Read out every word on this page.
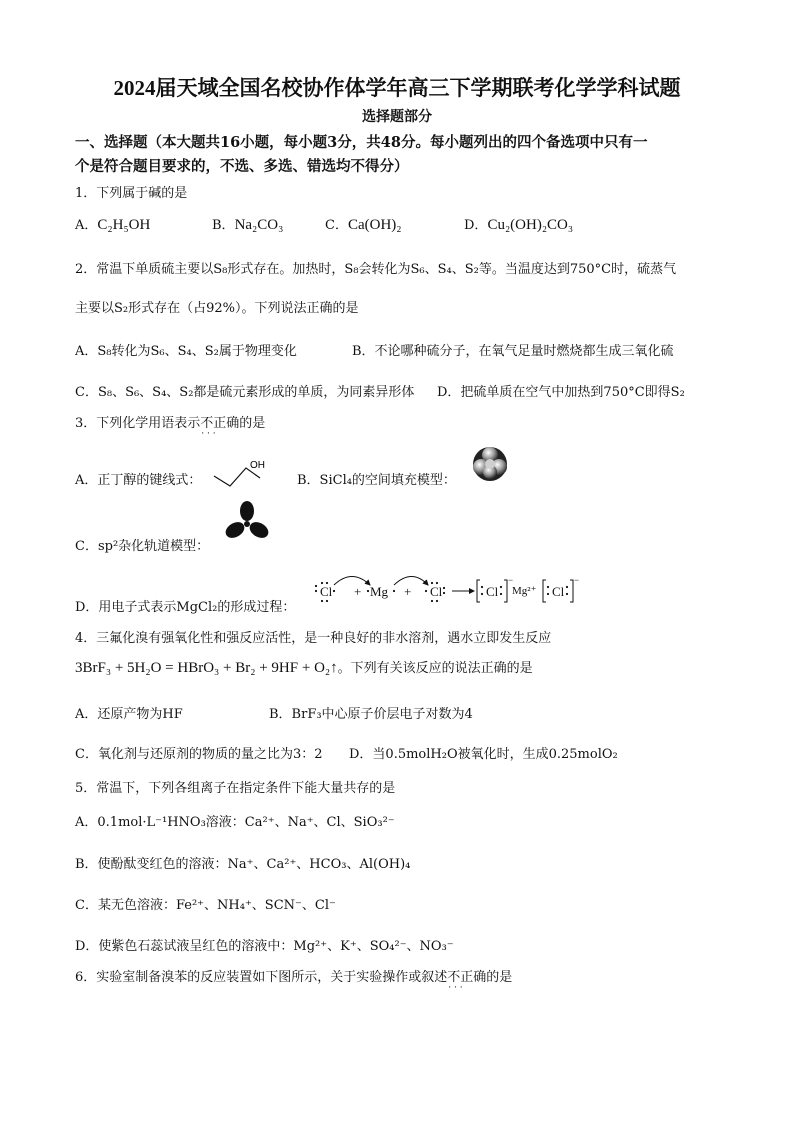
2024届天域全国名校协作体学年高三下学期联考化学学科试题
选择题部分
一、选择题（本大题共16小题，每小题3分，共48分。每小题列出的四个备选项中只有一
个是符合题目要求的，不选、多选、错选均不得分）
1．下列属于碱的是
A．C₂H₅OH	B．Na₂CO₃	C．Ca(OH)₂	D．Cu₂(OH)₂CO₃
2．常温下单质硫主要以S₈形式存在。加热时，S₈会转化为S₆、S₄、S₂等。当温度达到750°C时，硫蒸气
主要以S₂形式存在（占92%）。下列说法正确的是
A．S₈转化为S₆、S₄、S₂属于物理变化	B．不论哪种硫分子，在氧气足量时燃烧都生成三氧化硫
C．S₈、S₆、S₄、S₂都是硫元素形成的单质，为同素异形体 D．把硫单质在空气中加热到750°C即得S₂
3．下列化学用语表示不正确 · · ·的是
A．正丁醇的键线式：
OH
B．SiCl₄的空间填充模型：
C．sp²杂化轨道模型：
D．用电子式表示MgCl₂的形成过程：
Cl + Mg + Cl	Cl Mg²⁺ Cl
−	−
4．三氟化溴有强氧化性和强反应活性，是一种良好的非水溶剂，遇水立即发生反应
3BrF₃ + 5H₂O = HBrO₃ + Br₂ + 9HF + O₂↑。下列有关该反应的说法正确的是
A．还原产物为HF	B．BrF₃中心原子价层电子对数为4
C．氧化剂与还原剂的物质的量之比为3：2 D．当0.5molH₂O被氧化时，生成0.25molO₂
5．常温下，下列各组离子在指定条件下能大量共存的是
A．0.1mol·L⁻¹HNO₃溶液：Ca²⁺、Na⁺、Cl、SiO₃²⁻
B．使酚酞变红色的溶液：Na⁺、Ca²⁺、HCO₃、Al(OH)₄
C．某无色溶液：Fe²⁺、NH₄⁺、SCN⁻、Cl⁻
D．使紫色石蕊试液呈红色的溶液中：Mg²⁺、K⁺、SO₄²⁻、NO₃⁻
6．实验室制备溴苯的反应装置如下图所示，关于实验操作或叙述不正确 · · ·的是
